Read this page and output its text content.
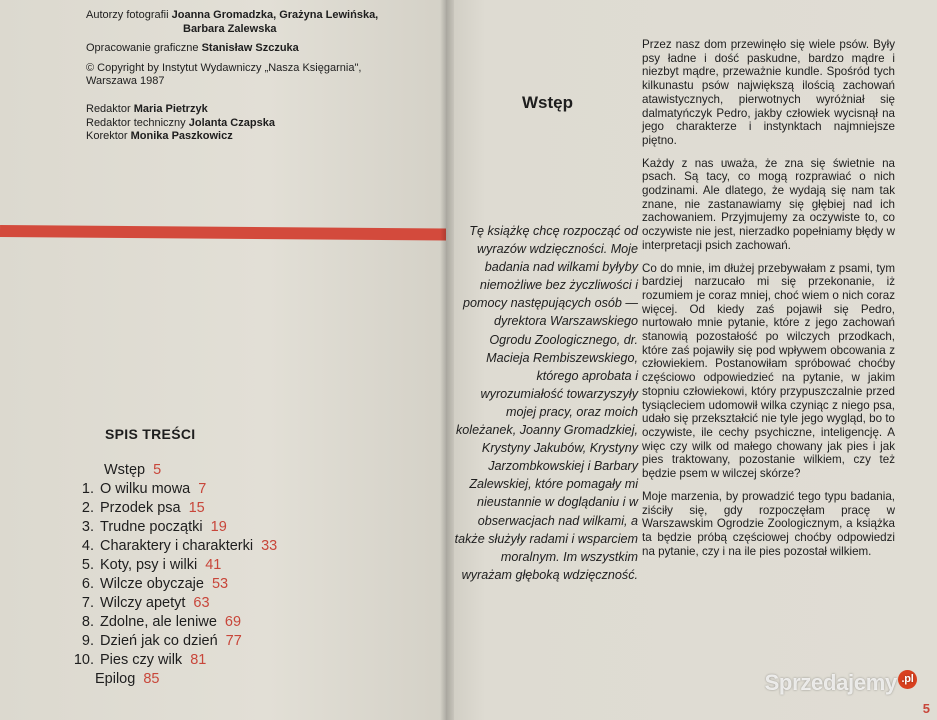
Autorzy fotografii Joanna Gromadzka, Grażyna Lewińska,
Barbara Zalewska

Opracowanie graficzne Stanisław Szczuka

© Copyright by Instytut Wydawniczy „Nasza Księgarnia",
Warszawa 1987

Redaktor Maria Pietrzyk
Redaktor techniczny Jolanta Czapska
Korektor Monika Paszkowicz

SPIS TREŚCI
Wstęp 5
1. O wilku mowa 7
2. Przodek psa 15
3. Trudne początki 19
4. Charaktery i charakterki 33
5. Koty, psy i wilki 41
6. Wilcze obyczaje 53
7. Wilczy apetyt 63
8. Zdolne, ale leniwe 69
9. Dzień jak co dzień 77
10. Pies czy wilk 81
Epilog 85
Wstęp
Tę książkę chcę rozpocząć od wyrazów wdzięczności. Moje badania nad wilkami byłyby niemożliwe bez życzliwości i pomocy następujących osób — dyrektora Warszawskiego Ogrodu Zoologicznego, dr. Macieja Rembiszewskiego, którego aprobata i wyrozumiałość towarzyszyły mojej pracy, oraz moich koleżanek, Joanny Gromadzkiej, Krystyny Jakubów, Krystyny Jarzombkowskiej i Barbary Zalewskiej, które pomagały mi nieustannie w doglądaniu i w obserwacjach nad wilkami, a także służyły radami i wsparciem moralnym. Im wszystkim wyrażam głęboką wdzięczność.

Przez nasz dom przewinęło się wiele psów. Były psy ładne i dość paskudne, bardzo mądre i niezbyt mądre, przeważnie kundle. Spośród tych kilkunastu psów największą ilością zachowań atawistycznych, pierwotnych wyróżniał się dalmatyńczyk Pedro, jakby człowiek wycisnął na jego charakterze i instynktach najmniejsze piętno.

Każdy z nas uważa, że zna się świetnie na psach. Są tacy, co mogą rozprawiać o nich godzinami. Ale dlatego, że wydają się nam tak znane, nie zastanawiamy się głębiej nad ich zachowaniem. Przyjmujemy za oczywiste to, co oczywiste nie jest, nierzadko popełniamy błędy w interpretacji psich zachowań.

Co do mnie, im dłużej przebywałam z psami, tym bardziej narzucało mi się przekonanie, iż rozumiem je coraz mniej, choć wiem o nich coraz więcej. Od kiedy zaś pojawił się Pedro, nurtowało mnie pytanie, które z jego zachowań stanowią pozostałość po wilczych przodkach, które zaś pojawiły się pod wpływem obcowania z człowiekiem. Postanowiłam spróbować choćby częściowo odpowiedzieć na pytanie, w jakim stopniu człowiekowi, który przypuszczalnie przed tysiącleciem udomowił wilka czyniąc z niego psa, udało się przekształcić nie tyle jego wygląd, bo to oczywiste, ile cechy psychiczne, inteligencję. A więc czy wilk od małego chowany jak pies i jak pies traktowany, pozostanie wilkiem, czy też będzie psem w wilczej skórze?

Moje marzenia, by prowadzić tego typu badania, ziściły się, gdy rozpoczęłam pracę w Warszawskim Ogrodzie Zoologicznym, a książka ta będzie próbą częściowej choćby odpowiedzi na pytanie, czy i na ile pies pozostał wilkiem.

5
Sprzedajemy .pl
